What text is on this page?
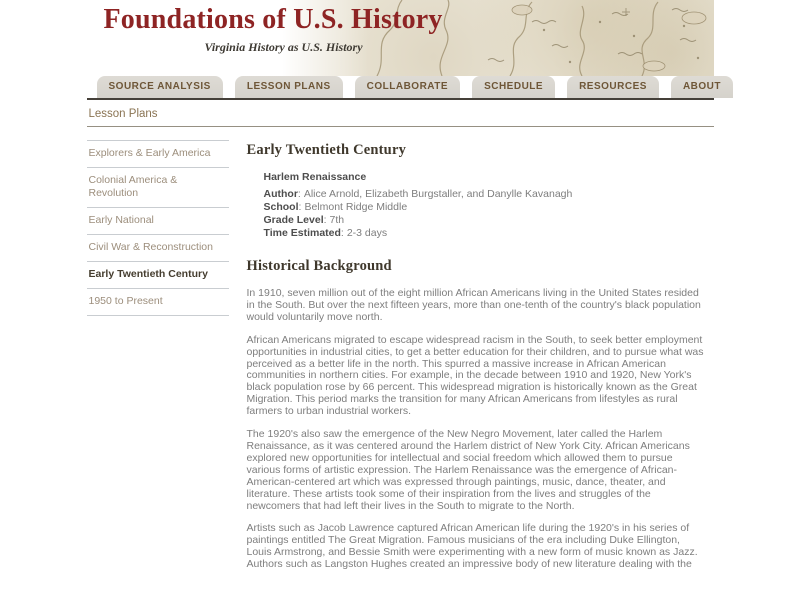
Foundations of U.S. History
Virginia History as U.S. History
SOURCE ANALYSIS	LESSON PLANS	COLLABORATE	SCHEDULE	RESOURCES	ABOUT
Lesson Plans
Explorers & Early America
Colonial America & Revolution
Early National
Civil War & Reconstruction
Early Twentieth Century
1950 to Present
Early Twentieth Century
Harlem Renaissance
Author : Alice Arnold, Elizabeth Burgstaller, and Danylle Kavanagh
School : Belmont Ridge Middle
Grade Level : 7th
Time Estimated : 2-3 days
Historical Background

In 1910, seven million out of the eight million African Americans living in the United States resided in the South. But over the next fifteen years, more than one-tenth of the country's black population would voluntarily move north.

African Americans migrated to escape widespread racism in the South, to seek better employment opportunities in industrial cities, to get a better education for their children, and to pursue what was perceived as a better life in the north. This spurred a massive increase in African American communities in northern cities. For example, in the decade between 1910 and 1920, New York's black population rose by 66 percent. This widespread migration is historically known as the Great Migration. This period marks the transition for many African Americans from lifestyles as rural farmers to urban industrial workers.

The 1920's also saw the emergence of the New Negro Movement, later called the Harlem Renaissance, as it was centered around the Harlem district of New York City. African Americans explored new opportunities for intellectual and social freedom which allowed them to pursue various forms of artistic expression. The Harlem Renaissance was the emergence of African-American-centered art which was expressed through paintings, music, dance, theater, and literature. These artists took some of their inspiration from the lives and struggles of the newcomers that had left their lives in the South to migrate to the North.

Artists such as Jacob Lawrence captured African American life during the 1920's in his series of paintings entitled The Great Migration. Famous musicians of the era including Duke Ellington, Louis Armstrong, and Bessie Smith were experimenting with a new form of music known as Jazz. Authors such as Langston Hughes created an impressive body of new literature dealing with the
